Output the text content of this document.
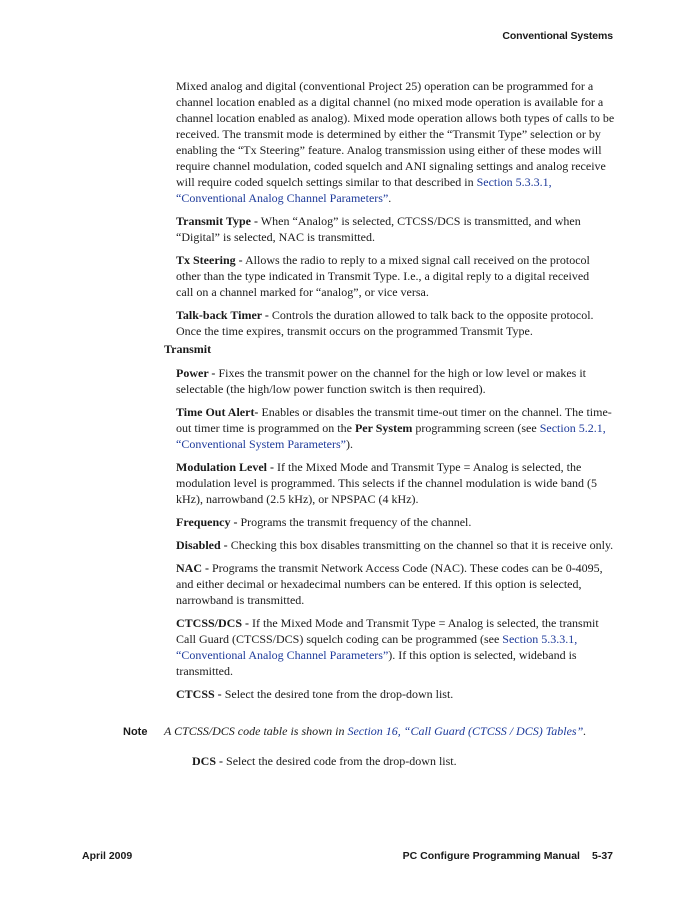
Conventional Systems

Mixed analog and digital (conventional Project 25) operation can be programmed for a channel location enabled as a digital channel (no mixed mode operation is available for a channel location enabled as analog). Mixed mode operation allows both types of calls to be received. The transmit mode is determined by either the “Transmit Type” selection or by enabling the “Tx Steering” feature. Analog transmission using either of these modes will require channel modulation, coded squelch and ANI signaling settings and analog receive will require coded squelch settings similar to that described in Section 5.3.3.1, “Conventional Analog Channel Parameters”.

Transmit Type - When “Analog” is selected, CTCSS/DCS is transmitted, and when “Digital” is selected, NAC is transmitted.

Tx Steering - Allows the radio to reply to a mixed signal call received on the protocol other than the type indicated in Transmit Type. I.e., a digital reply to a digital received call on a channel marked for “analog”, or vice versa.

Talk-back Timer - Controls the duration allowed to talk back to the opposite protocol. Once the time expires, transmit occurs on the programmed Transmit Type.

Transmit

Power - Fixes the transmit power on the channel for the high or low level or makes it selectable (the high/low power function switch is then required).

Time Out Alert- Enables or disables the transmit time-out timer on the channel. The time-out timer time is programmed on the Per System programming screen (see Section 5.2.1, “Conventional System Parameters”).

Modulation Level - If the Mixed Mode and Transmit Type = Analog is selected, the modulation level is programmed. This selects if the channel modulation is wide band (5 kHz), narrowband (2.5 kHz), or NPSPAC (4 kHz).

Frequency - Programs the transmit frequency of the channel.

Disabled - Checking this box disables transmitting on the channel so that it is receive only.

NAC - Programs the transmit Network Access Code (NAC). These codes can be 0-4095, and either decimal or hexadecimal numbers can be entered. If this option is selected, narrowband is transmitted.

CTCSS/DCS - If the Mixed Mode and Transmit Type = Analog is selected, the transmit Call Guard (CTCSS/DCS) squelch coding can be programmed (see Section 5.3.3.1, “Conventional Analog Channel Parameters”). If this option is selected, wideband is transmitted.

CTCSS - Select the desired tone from the drop-down list.

Note A CTCSS/DCS code table is shown in Section 16, “Call Guard (CTCSS / DCS) Tables”.

DCS - Select the desired code from the drop-down list.

April 2009	PC Configure Programming Manual 5-37
